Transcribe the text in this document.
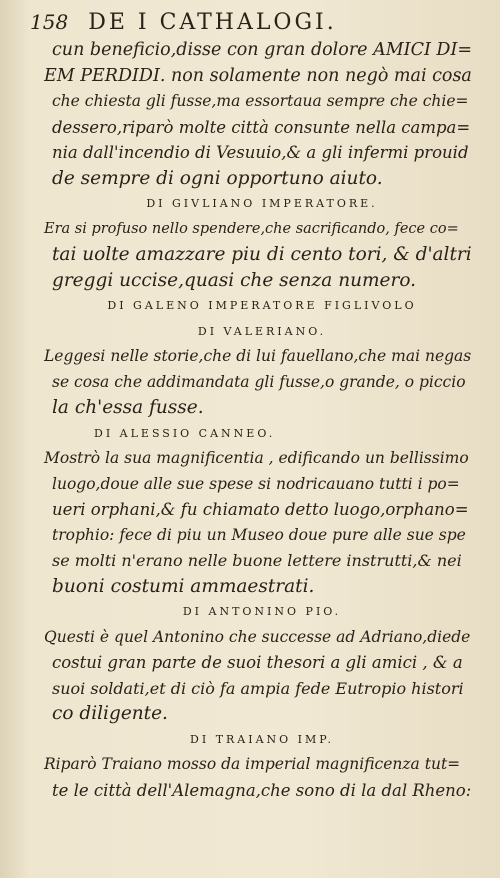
158 DE I CATHALOGI.
cun beneficio,disse con gran dolore AMICI DI=
EM PERDIDI. non solamente non negò mai cosa
che chiesta gli fusse,ma essortaua sempre che chie=
dessero,riparò molte città consunte nella campa=
nia dall'incendio di Vesuuio,& a gli infermi prouid
de sempre di ogni opportuno aiuto.
DI GIVLIANO IMPERATORE.
Era si profuso nello spendere,che sacrificando, fece co=
tai uolte amazzare piu di cento tori, & d'altri
greggi uccise,quasi che senza numero.
DI GALENO IMPERATORE FIGLIVOLO
DI VALERIANO.
Leggesi nelle storie,che di lui fauellano,che mai negas
se cosa che addimandata gli fusse,o grande, o piccio
la ch'essa fusse.
DI ALESSIO CANNEO.
Mostrò la sua magnificentia , edificando un bellissimo
luogo,doue alle sue spese si nodricauano tutti i po=
ueri orphani,& fu chiamato detto luogo,orphano=
trophio: fece di piu un Museo doue pure alle sue spe
se molti n'erano nelle buone lettere instrutti,& nei
buoni costumi ammaestrati.
DI ANTONINO PIO.
Questi è quel Antonino che successe ad Adriano,diede
costui gran parte de suoi thesori a gli amici , & a
suoi soldati,et di ciò fa ampia fede Eutropio histori
co diligente.
DI TRAIANO IMP.
Riparò Traiano mosso da imperial magnificenza tut=
te le città dell'Alemagna,che sono di la dal Rheno:
